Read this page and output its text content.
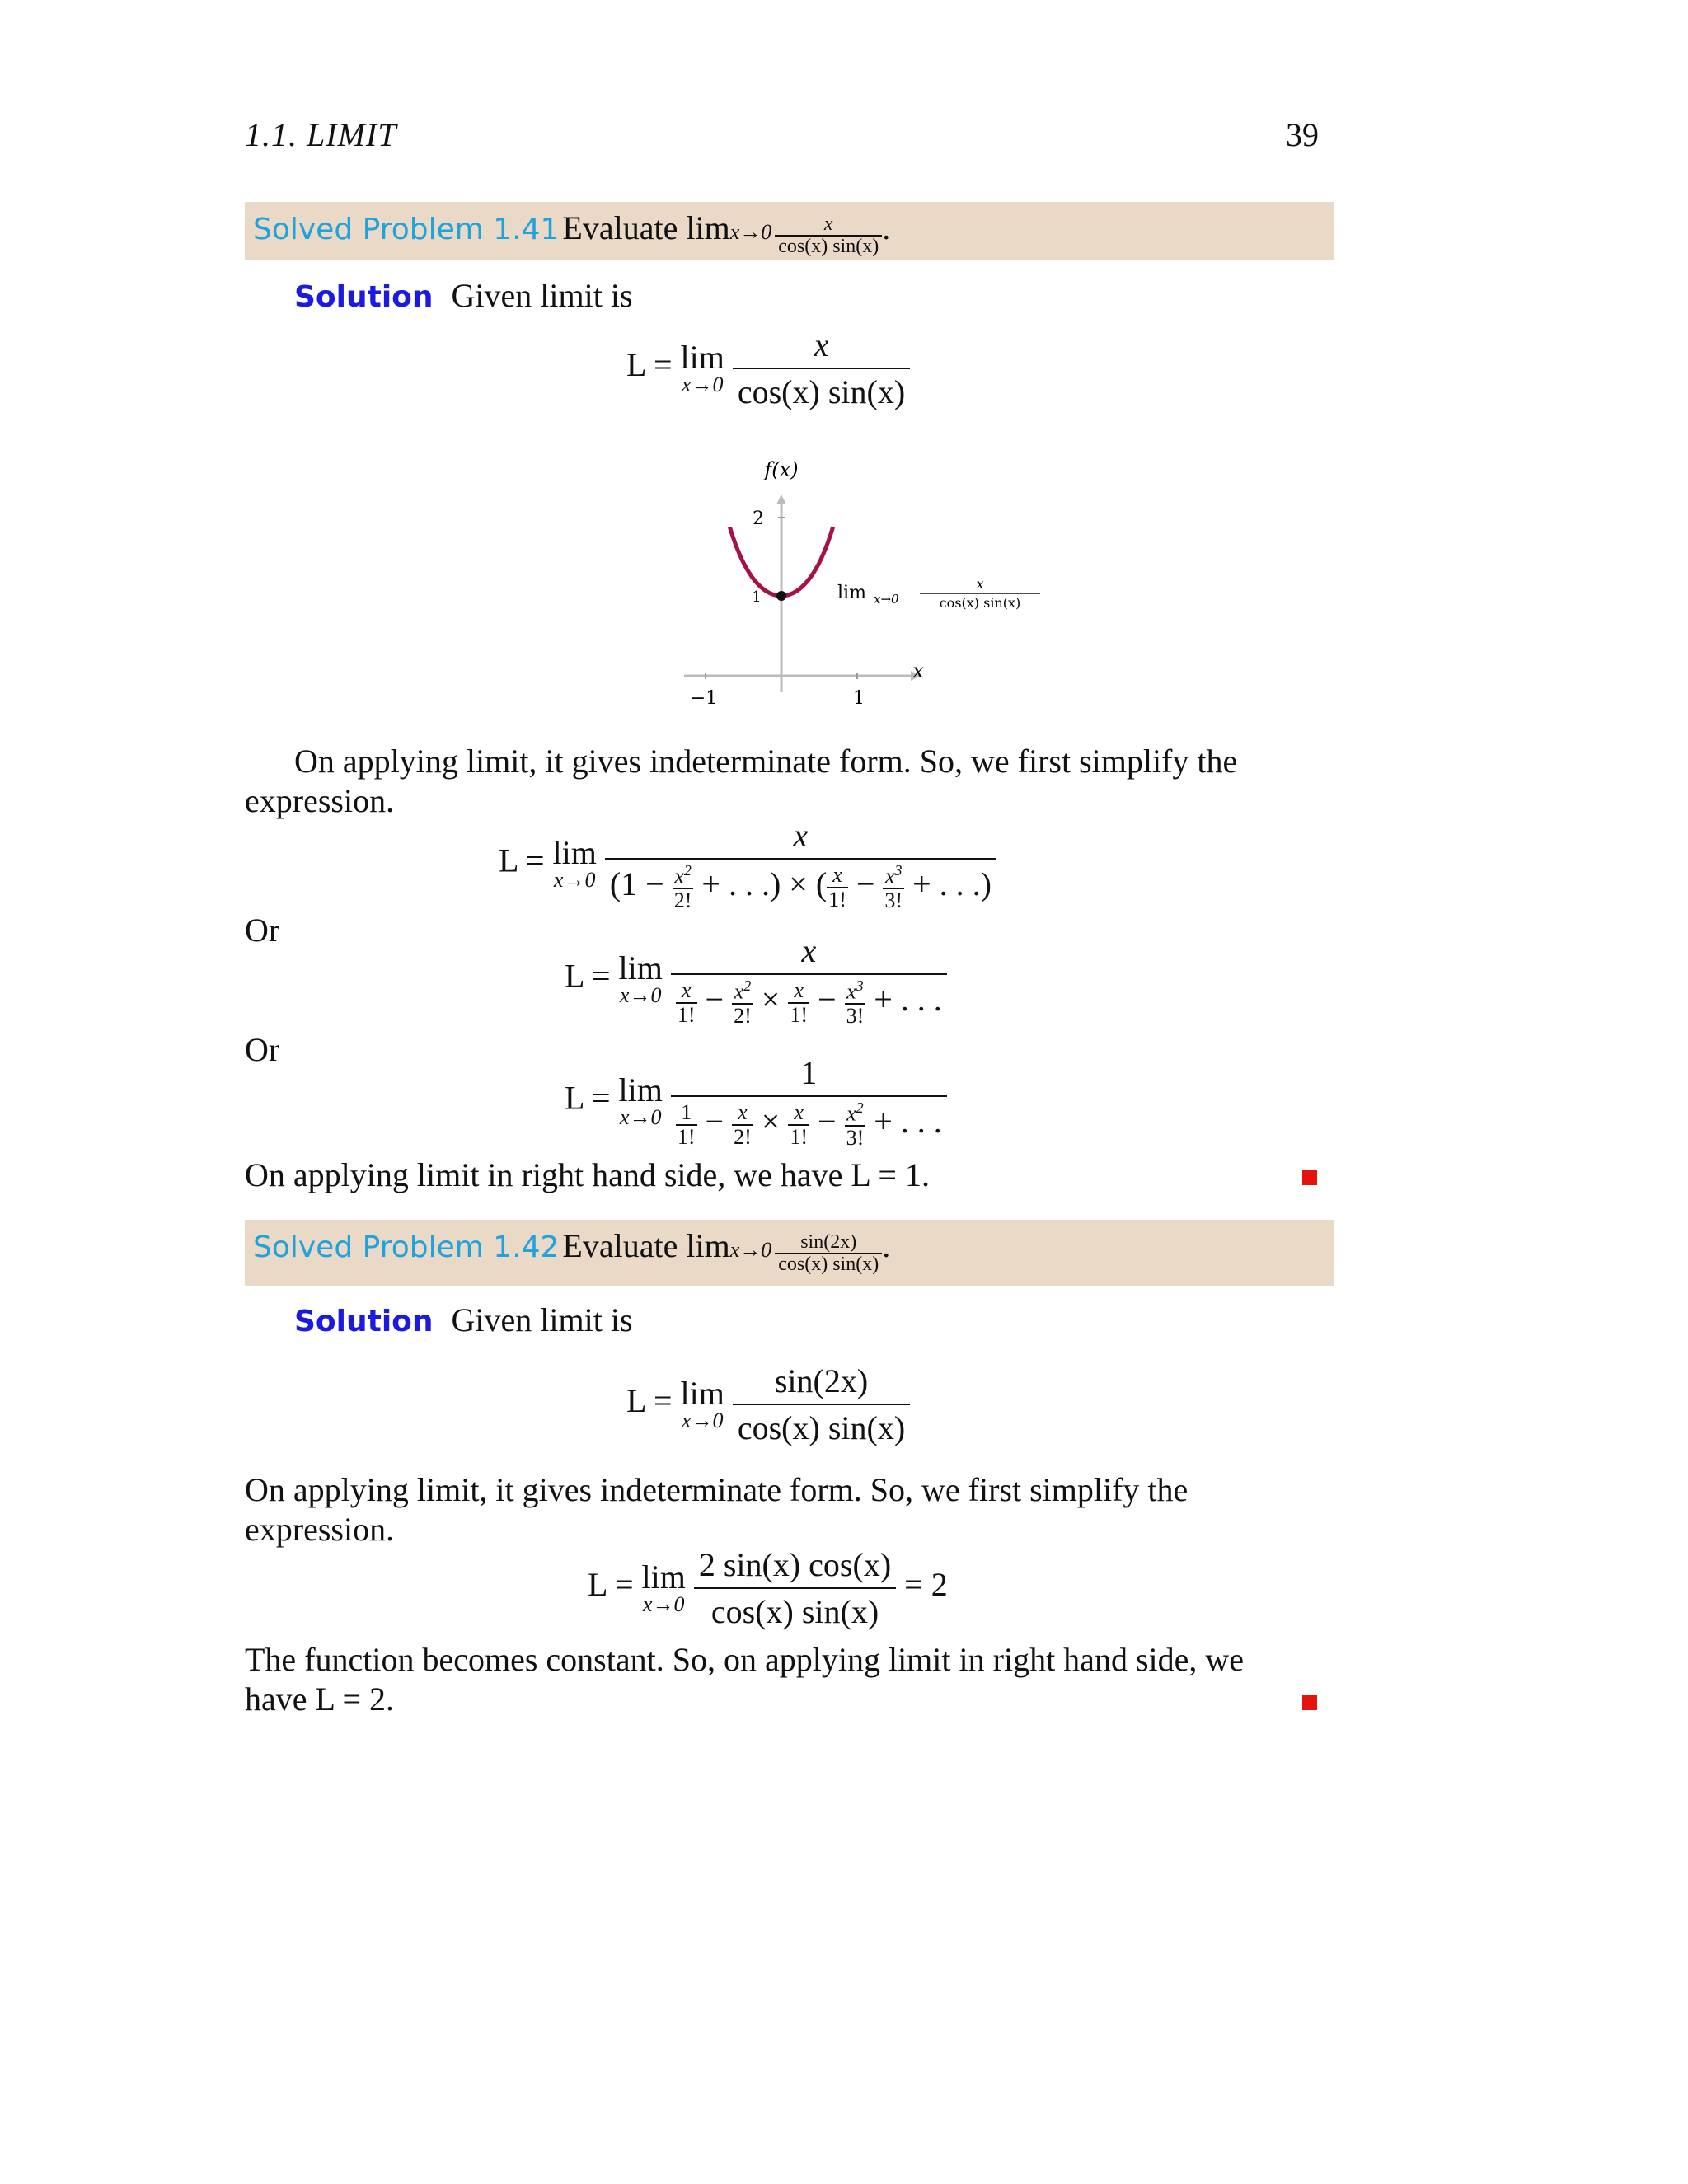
1.1. LIMIT	39
Solved Problem 1.41 Evaluate $\lim x\to 0 \frac{x}{\cos(x) \sin(x)}$ .
Solution Given limit is
L = lim
x→0
$\frac{x}{\cos(x) \sin(x)}$
f(x)
2
1
−1	1
x
lim x→0
x
cos(x) sin(x)
On applying limit, it gives indeterminate form. So, we first simplify the
expression.
L = lim
x→0
$\frac{x}{(1 - \frac{x^2}{2!} + . . .) \times ( \frac{x}{1!} - \frac{x^3}{3!} + . . .)}$
Or
L = lim
x→0
$\frac{x}{\frac{x}{1!} - \frac{x^2}{2!} \times \frac{x}{1!} - \frac{x^3}{3!} + . . .}$
Or
L = lim
x→0
$\frac{1}{\frac{1}{1!} - \frac{x}{2!} \times \frac{x}{1!} - \frac{x^2}{3!} + . . .}$
On applying limit in right hand side, we have L = 1.
Solved Problem 1.42 Evaluate $\lim x\to 0 \frac{\sin(2x)}{\cos(x) \sin(x)}$ .
Solution Given limit is
L = lim
x→0
$\frac{\sin(2x)}{\cos(x) \sin(x)}$
On applying limit, it gives indeterminate form. So, we first simplify the
expression.
L = lim
x→0
$\frac{2 \sin(x) \cos(x)}{\cos(x) \sin(x)} = 2$
The function becomes constant. So, on applying limit in right hand side, we
have L = 2.
